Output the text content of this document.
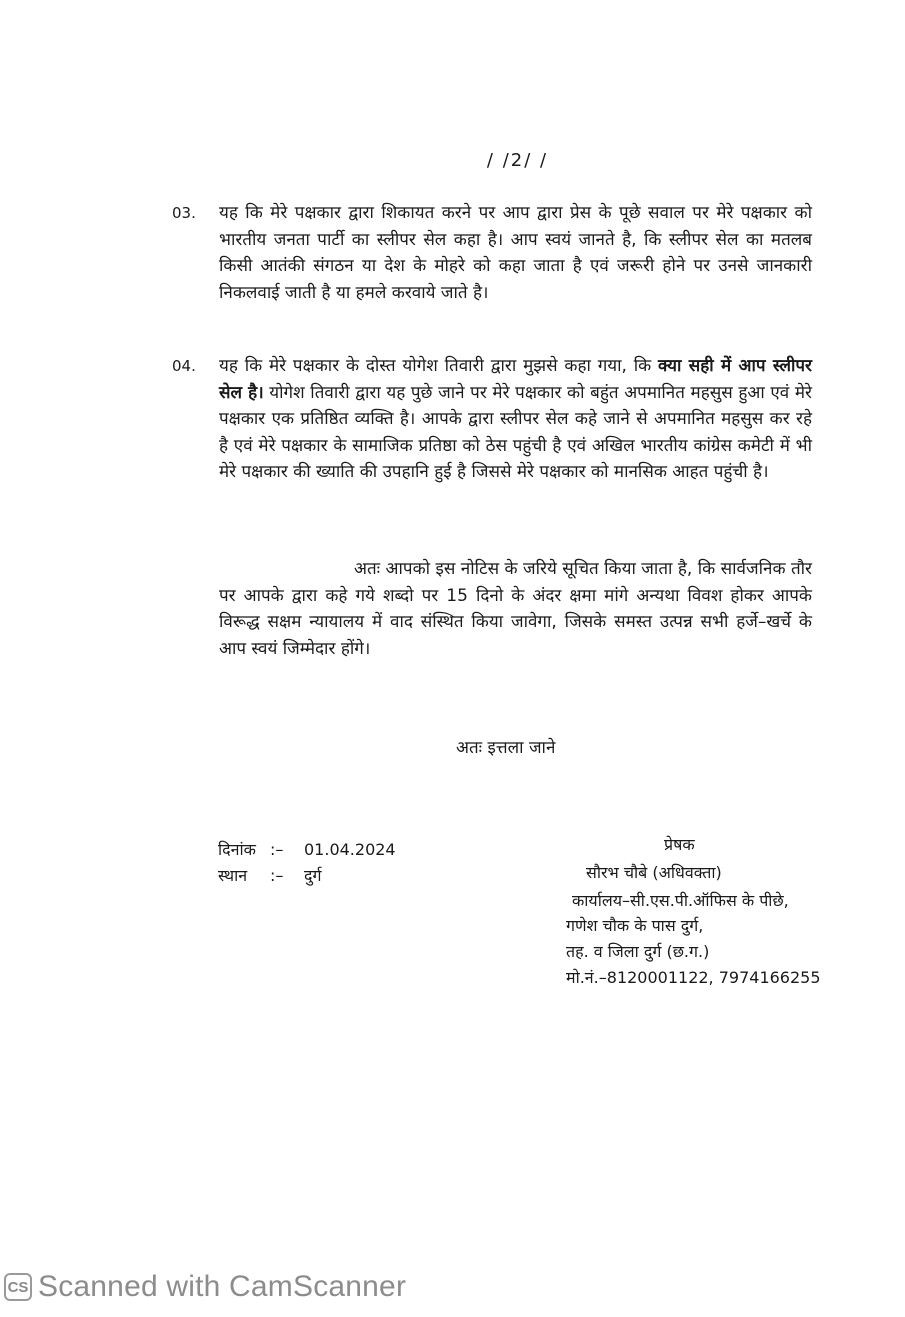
/ /2/ /
03.	यह कि मेरे पक्षकार द्वारा शिकायत करने पर आप द्वारा प्रेस के पूछे सवाल पर मेरे पक्षकार को भारतीय जनता पार्टी का स्लीपर सेल कहा है। आप स्वयं जानते है, कि स्लीपर सेल का मतलब किसी आतंकी संगठन या देश के मोहरे को कहा जाता है एवं जरूरी होने पर उनसे जानकारी निकलवाई जाती है या हमले करवाये जाते है।
04.	यह कि मेरे पक्षकार के दोस्त योगेश तिवारी द्वारा मुझसे कहा गया, कि क्या सही में आप स्लीपर सेल है। योगेश तिवारी द्वारा यह पुछे जाने पर मेरे पक्षकार को बहुंत अपमानित महसुस हुआ एवं मेरे पक्षकार एक प्रतिष्ठित व्यक्ति है। आपके द्वारा स्लीपर सेल कहे जाने से अपमानित महसुस कर रहे है एवं मेरे पक्षकार के सामाजिक प्रतिष्ठा को ठेस पहुंची है एवं अखिल भारतीय कांग्रेस कमेटी में भी मेरे पक्षकार की ख्याति की उपहानि हुई है जिससे मेरे पक्षकार को मानसिक आहत पहुंची है।
अतः आपको इस नोटिस के जरिये सूचित किया जाता है, कि सार्वजनिक तौर पर आपके द्वारा कहे गये शब्दो पर 15 दिनो के अंदर क्षमा मांगे अन्यथा विवश होकर आपके विरूद्ध सक्षम न्यायालय में वाद संस्थित किया जावेगा, जिसके समस्त उत्पन्न सभी हर्जे–खर्चे के आप स्वयं जिम्मेदार होंगे।
अतः इत्तला जाने
दिनांक :– 01.04.2024
स्थान :– दुर्ग
प्रेषक
सौरभ चौबे (अधिवक्ता)
कार्यालय–सी.एस.पी.ऑफिस के पीछे,
गणेश चौक के पास दुर्ग,
तह. व जिला दुर्ग (छ.ग.)
मो.नं.–8120001122, 7974166255
CS Scanned with CamScanner
